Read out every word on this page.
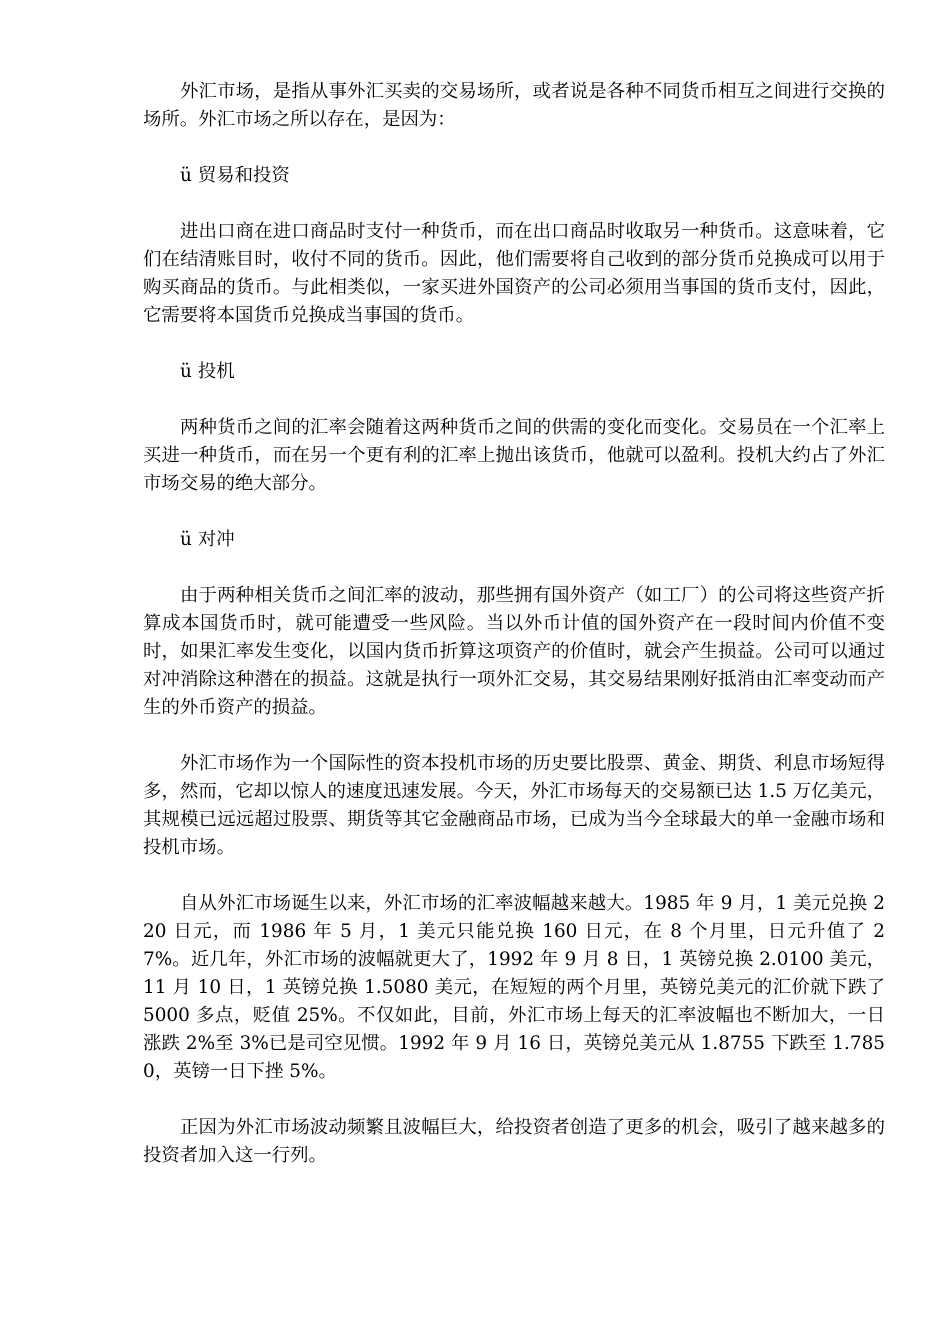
外汇市场，是指从事外汇买卖的交易场所，或者说是各种不同货币相互之间进行交换的场所。外汇市场之所以存在，是因为：

ü 贸易和投资

进出口商在进口商品时支付一种货币，而在出口商品时收取另一种货币。这意味着，它们在结清账目时，收付不同的货币。因此，他们需要将自己收到的部分货币兑换成可以用于购买商品的货币。与此相类似，一家买进外国资产的公司必须用当事国的货币支付，因此，它需要将本国货币兑换成当事国的货币。

ü 投机

两种货币之间的汇率会随着这两种货币之间的供需的变化而变化。交易员在一个汇率上买进一种货币，而在另一个更有利的汇率上抛出该货币，他就可以盈利。投机大约占了外汇市场交易的绝大部分。

ü 对冲

由于两种相关货币之间汇率的波动，那些拥有国外资产（如工厂）的公司将这些资产折算成本国货币时，就可能遭受一些风险。当以外币计值的国外资产在一段时间内价值不变时，如果汇率发生变化，以国内货币折算这项资产的价值时，就会产生损益。公司可以通过对冲消除这种潜在的损益。这就是执行一项外汇交易，其交易结果刚好抵消由汇率变动而产生的外币资产的损益。

外汇市场作为一个国际性的资本投机市场的历史要比股票、黄金、期货、利息市场短得多，然而，它却以惊人的速度迅速发展。今天，外汇市场每天的交易额已达 1.5 万亿美元，其规模已远远超过股票、期货等其它金融商品市场，已成为当今全球最大的单一金融市场和投机市场。

自从外汇市场诞生以来，外汇市场的汇率波幅越来越大。1985 年 9 月，1 美元兑换 220 日元，而 1986 年 5 月，1 美元只能兑换 160 日元，在 8 个月里，日元升值了 27%。近几年，外汇市场的波幅就更大了，1992 年 9 月 8 日，1 英镑兑换 2.0100 美元，11 月 10 日，1 英镑兑换 1.5080 美元，在短短的两个月里，英镑兑美元的汇价就下跌了 5000 多点，贬值 25%。不仅如此，目前，外汇市场上每天的汇率波幅也不断加大，一日涨跌 2%至 3%已是司空见惯。1992 年 9 月 16 日，英镑兑美元从 1.8755 下跌至 1.7850，英镑一日下挫 5%。

正因为外汇市场波动频繁且波幅巨大，给投资者创造了更多的机会，吸引了越来越多的投资者加入这一行列。
